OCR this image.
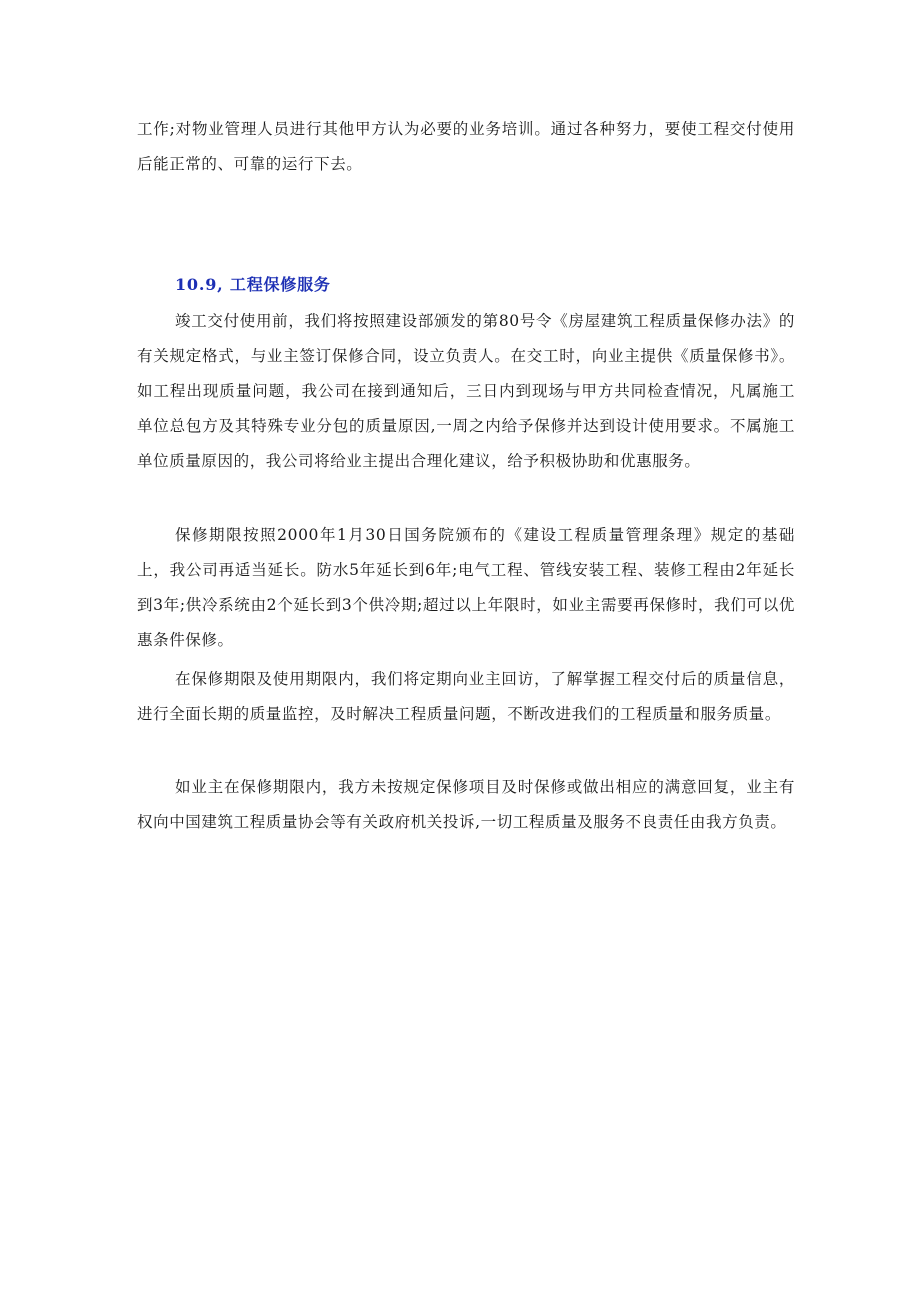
工作;对物业管理人员进行其他甲方认为必要的业务培训。通过各种努力，要使工程交付使用后能正常的、可靠的运行下去。

10.9, 工程保修服务

竣工交付使用前，我们将按照建设部颁发的第80号令《房屋建筑工程质量保修办法》的有关规定格式，与业主签订保修合同，设立负责人。在交工时，向业主提供《质量保修书》。如工程出现质量问题，我公司在接到通知后，三日内到现场与甲方共同检查情况，凡属施工单位总包方及其特殊专业分包的质量原因,一周之内给予保修并达到设计使用要求。不属施工单位质量原因的，我公司将给业主提出合理化建议，给予积极协助和优惠服务。

保修期限按照2000年1月30日国务院颁布的《建设工程质量管理条理》规定的基础上，我公司再适当延长。防水5年延长到6年;电气工程、管线安装工程、装修工程由2年延长到3年;供冷系统由2个延长到3个供冷期;超过以上年限时，如业主需要再保修时，我们可以优惠条件保修。

在保修期限及使用期限内，我们将定期向业主回访，了解掌握工程交付后的质量信息，进行全面长期的质量监控，及时解决工程质量问题，不断改进我们的工程质量和服务质量。

如业主在保修期限内，我方未按规定保修项目及时保修或做出相应的满意回复，业主有权向中国建筑工程质量协会等有关政府机关投诉,一切工程质量及服务不良责任由我方负责。
